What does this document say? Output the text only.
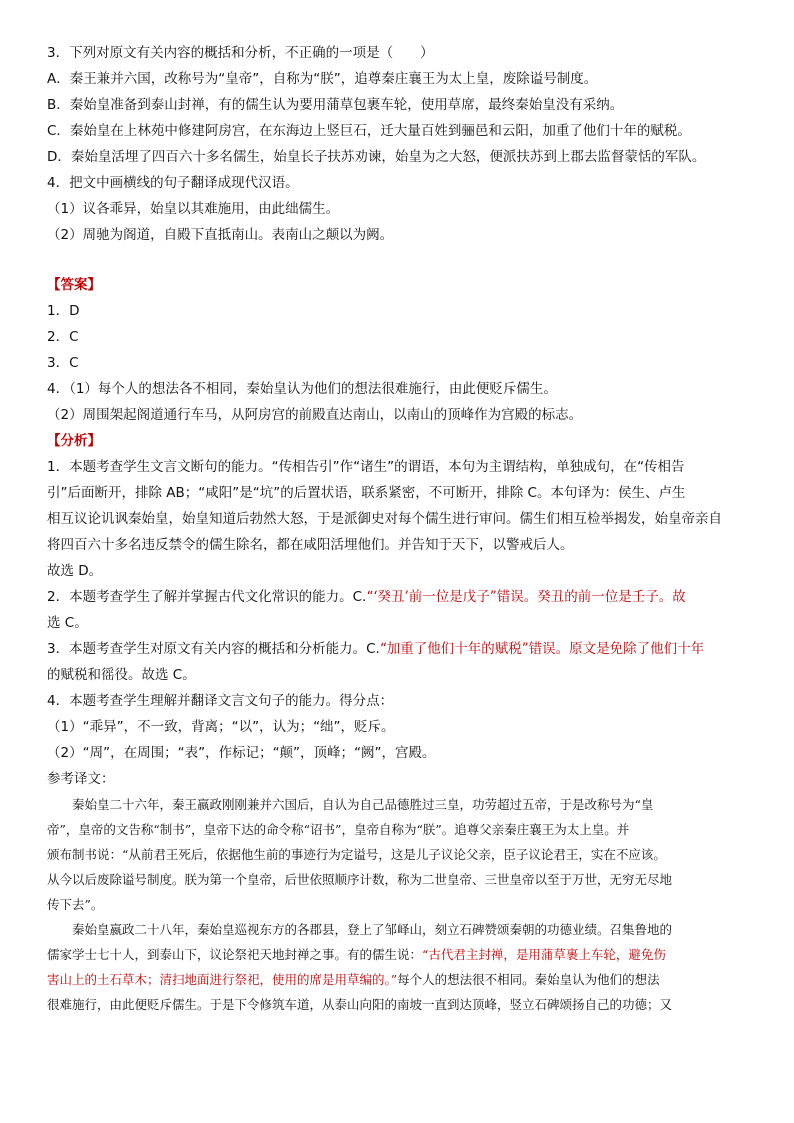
3．下列对原文有关内容的概括和分析，不正确的一项是（　　）
A．秦王兼并六国，改称号为“皇帝”，自称为“朕”，追尊秦庄襄王为太上皇，废除谥号制度。
B．秦始皇准备到泰山封禅，有的儒生认为要用蒲草包裹车轮，使用草席，最终秦始皇没有采纳。
C．秦始皇在上林苑中修建阿房宫，在东海边上竖巨石，迁大量百姓到骊邑和云阳，加重了他们十年的赋税。
D．秦始皇活埋了四百六十多名儒生，始皇长子扶苏劝谏，始皇为之大怒，便派扶苏到上郡去监督蒙恬的军队。
4．把文中画横线的句子翻译成现代汉语。
（1）议各乖异，始皇以其难施用，由此绌儒生。
（2）周驰为阁道，自殿下直抵南山。表南山之颠以为阙。
【答案】
1．D
2．C
3．C
4．（1）每个人的想法各不相同，秦始皇认为他们的想法很难施行，由此便贬斥儒生。
（2）周围架起阁道通行车马，从阿房宫的前殿直达南山，以南山的顶峰作为宫殿的标志。
【分析】
1．本题考查学生文言文断句的能力。“传相告引”作“诸生”的谓语，本句为主谓结构，单独成句，在“传相告
引”后面断开，排除 AB；“咸阳”是“坑”的后置状语，联系紧密，不可断开，排除 C。本句译为：侯生、卢生
相互议论讥讽秦始皇，始皇知道后勃然大怒，于是派御史对每个儒生进行审问。儒生们相互检举揭发，始皇帝亲自
将四百六十多名违反禁令的儒生除名，都在咸阳活埋他们。并告知于天下，以警戒后人。
故选 D。
2．本题考查学生了解并掌握古代文化常识的能力。C.“‘癸丑’前一位是戊子”错误。癸丑的前一位是壬子。故
选 C。
3．本题考查学生对原文有关内容的概括和分析能力。C.“加重了他们十年的赋税”错误。原文是免除了他们十年
的赋税和徭役。故选 C。
4．本题考查学生理解并翻译文言文句子的能力。得分点：
（1）“乖异”，不一致，背离；“以”，认为；“绌”，贬斥。
（2）“周”，在周围；“表”，作标记；“颠”，顶峰；“阙”，宫殿。
参考译文：
秦始皇二十六年，秦王嬴政刚刚兼并六国后，自认为自己品德胜过三皇，功劳超过五帝，于是改称号为“皇
帝”，皇帝的文告称“制书”，皇帝下达的命令称“诏书”，皇帝自称为“朕”。追尊父亲秦庄襄王为太上皇。并
颁布制书说：“从前君王死后，依据他生前的事迹行为定谥号，这是儿子议论父亲，臣子议论君王，实在不应该。
从今以后废除谥号制度。朕为第一个皇帝，后世依照顺序计数，称为二世皇帝、三世皇帝以至于万世，无穷无尽地
传下去”。
秦始皇嬴政二十八年，秦始皇巡视东方的各郡县，登上了邹峄山，刻立石碑赞颂秦朝的功德业绩。召集鲁地的
儒家学士七十人，到泰山下，议论祭祀天地封禅之事。有的儒生说：“古代君主封禅，是用蒲草裹上车轮，避免伤
害山上的土石草木；清扫地面进行祭祀，使用的席是用草编的。”每个人的想法很不相同。秦始皇认为他们的想法
很难施行，由此便贬斥儒生。于是下令修筑车道，从泰山向阳的南坡一直到达顶峰，竖立石碑颂扬自己的功德；又
